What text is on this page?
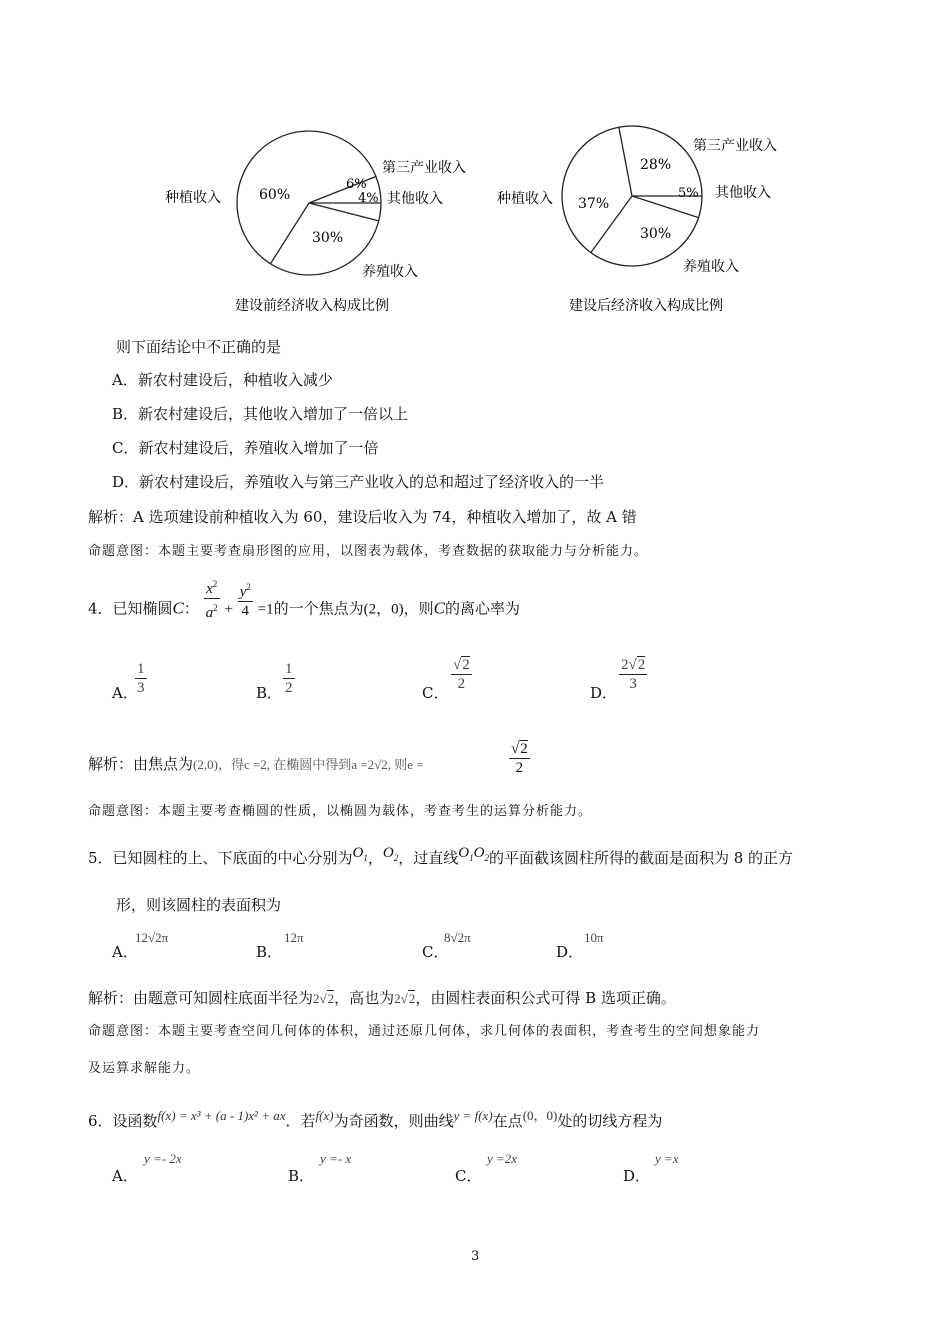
种植收入
第三产业收入
其他收入
养殖收入
60%
6%
4%
30%
建设前经济收入构成比例
种植收入
第三产业收入
其他收入
养殖收入
37%
28%
5%
30%
建设后经济收入构成比例
则下面结论中不正确的是
A．新农村建设后，种植收入减少
B．新农村建设后，其他收入增加了一倍以上
C．新农村建设后，养殖收入增加了一倍
D．新农村建设后，养殖收入与第三产业收入的总和超过了经济收入的一半
解析：A 选项建设前种植收入为 60，建设后收入为 74，种植收入增加了，故 A 错
命题意图：本题主要考查扇形图的应用，以图表为载体，考查数据的获取能力与分析能力。
4．已知椭圆C： $\frac{x^2}{a^2} + \frac{y^2}{4} =1$的一个焦点为(2，0)，则C的离心率为
A．
$\frac{1}{3}$	B． $\frac{1}{2}$	C． $\frac{√2}{2}$	D． $\frac{2√2}{3}$
解析：由焦点为(2,0)，得c =2, 在椭圆中得到a =2√2, 则e =	$\frac{√2}{2}$
命题意图：本题主要考查椭圆的性质，以椭圆为载体，考查考生的运算分析能力。
5．已知圆柱的上、下底面的中心分别为$O_1$，$O_2$，过直线$O_1O_2$的平面截该圆柱所得的截面是面积为 8 的正方
形，则该圆柱的表面积为
A．
12√2π
B．
12π
C．
8√2π
D．
10π
解析：由题意可知圆柱底面半径为2√2，高也为2√2，由圆柱表面积公式可得 B 选项正确。
命题意图：本题主要考查空间几何体的体积，通过还原几何体，求几何体的表面积，考查考生的空间想象能力
及运算求解能力。
6．设函数f(x) = x³ + (a - 1)x² + ax．若f(x)为奇函数，则曲线y = f(x)在点(0，0)处的切线方程为
A．
y =- 2x
B．
y =- x
C．
y =2x
D．
y =x
3
